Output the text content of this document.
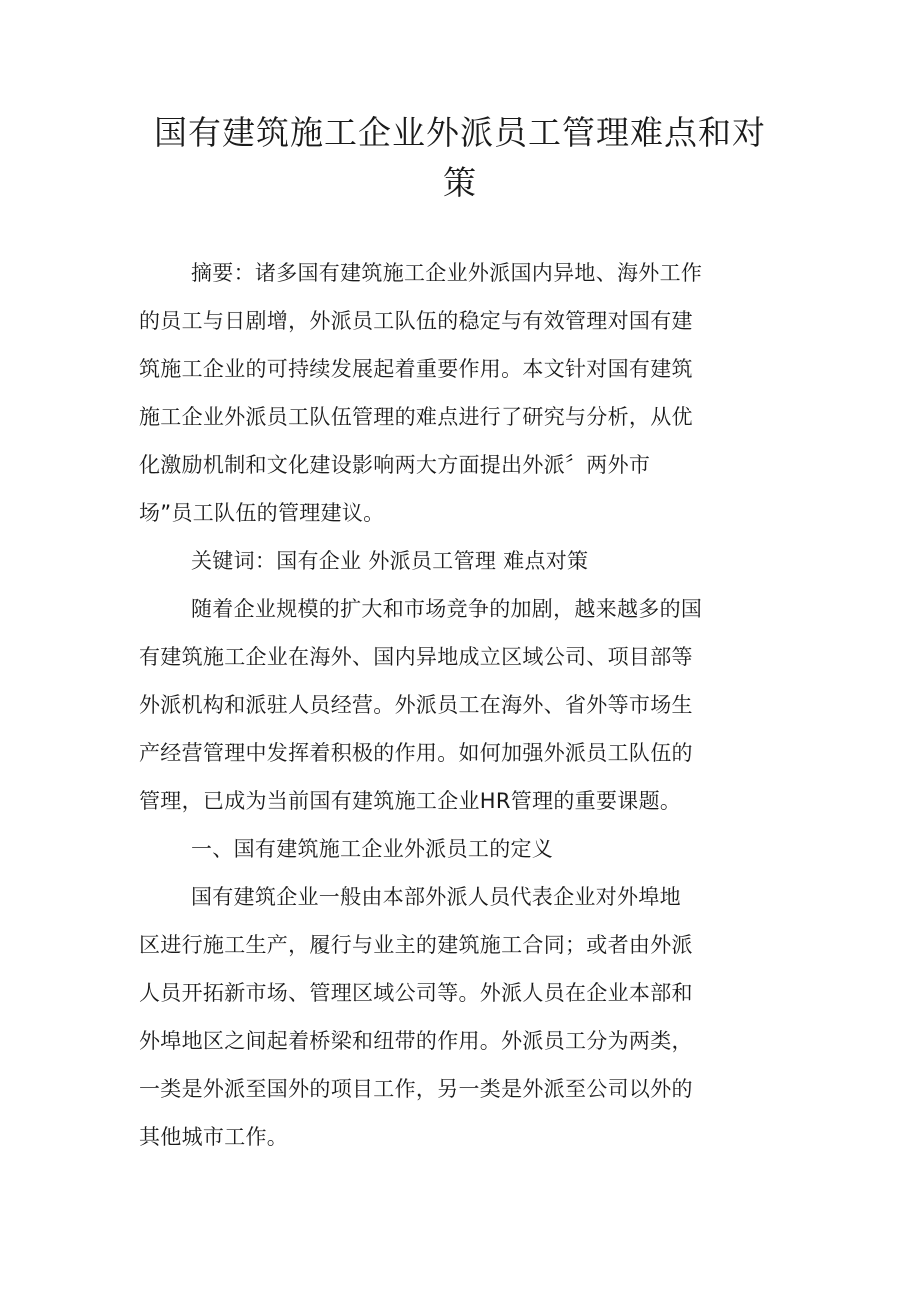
国有建筑施工企业外派员工管理难点和对
策
摘要：诸多国有建筑施工企业外派国内异地、海外工作
的员工与日剧增，外派员工队伍的稳定与有效管理对国有建
筑施工企业的可持续发展起着重要作用。本文针对国有建筑
施工企业外派员工队伍管理的难点进行了研究与分析，从优
化激励机制和文化建设影响两大方面提出外派〞两外市
场”员工队伍的管理建议。
关键词：国有企业 外派员工管理 难点对策
随着企业规模的扩大和市场竞争的加剧，越来越多的国
有建筑施工企业在海外、国内异地成立区域公司、项目部等
外派机构和派驻人员经营。外派员工在海外、省外等市场生
产经营管理中发挥着积极的作用。如何加强外派员工队伍的
管理，已成为当前国有建筑施工企业HR管理的重要课题。
一、国有建筑施工企业外派员工的定义
国有建筑企业一般由本部外派人员代表企业对外埠地
区进行施工生产，履行与业主的建筑施工合同；或者由外派
人员开拓新市场、管理区域公司等。外派人员在企业本部和
外埠地区之间起着桥梁和纽带的作用。外派员工分为两类，
一类是外派至国外的项目工作，另一类是外派至公司以外的
其他城市工作。
